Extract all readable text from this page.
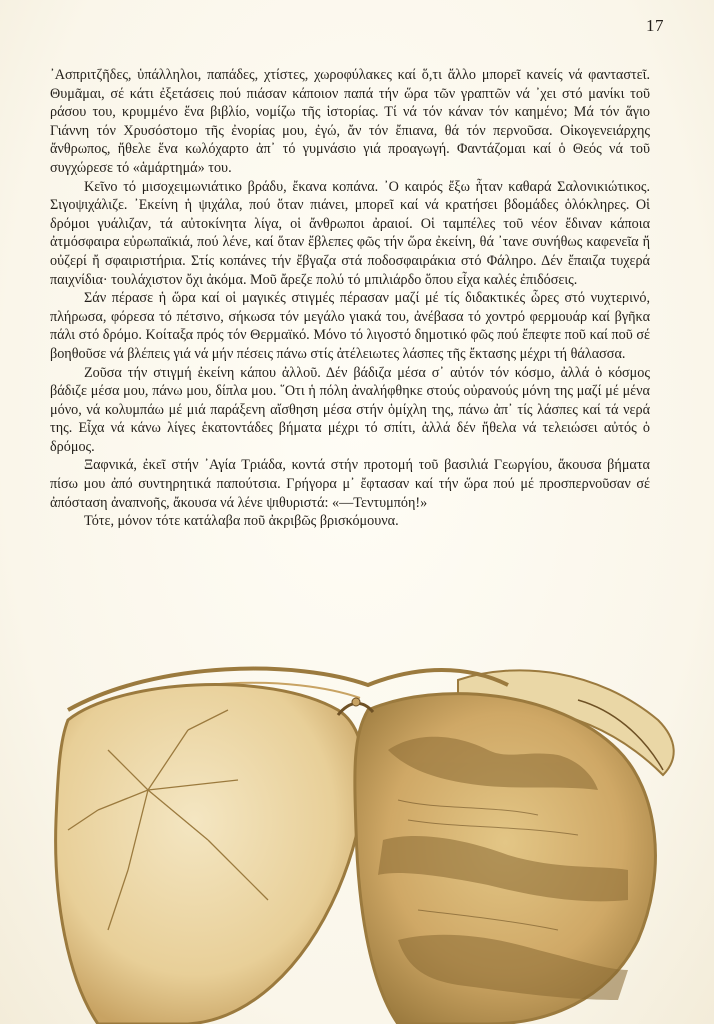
17

᾿Ασπριτζῆδες, ὑπάλληλοι, παπάδες, χτίστες, χωροφύλακες καί ὅ,τι ἄλλο μπορεῖ κανείς νά φανταστεῖ. Θυμᾶμαι, σέ κάτι ἐξετάσεις πού πιάσαν κάποιον παπά τήν ὥρα τῶν γραπτῶν νά ᾿χει στό μανίκι τοῦ ράσου του, κρυμμένο ἕνα βιβλίο, νομίζω τῆς ἱστορίας. Τί νά τόν κάναν τόν καημένο; Μά τόν ἅγιο Γιάννη τόν Χρυσόστομο τῆς ἐνορίας μου, ἐγώ, ἄν τόν ἔπιανα, θά τόν περνοῦσα. Οἰκογενειάρχης ἄνθρωπος, ἤθελε ἕνα κωλόχαρτο ἀπ᾿ τό γυμνάσιο γιά προαγωγή. Φαντάζομαι καί ὁ Θεός νά τοῦ συγχώρεσε τό «ἁμάρτημά» του.

Κεῖνο τό μισοχειμωνιάτικο βράδυ, ἔκανα κοπάνα. ᾿Ο καιρός ἔξω ἦταν καθαρά Σαλονικιώτικος. Σιγοψιχάλιζε. ᾿Εκείνη ἡ ψιχάλα, πού ὅταν πιάνει, μπορεῖ καί νά κρατήσει βδομάδες ὁλόκληρες. Οἱ δρόμοι γυάλιζαν, τά αὐτοκίνητα λίγα, οἱ ἄνθρωποι ἀραιοί. Οἱ ταμπέλες τοῦ νέον ἔδιναν κάποια ἀτμόσφαιρα εὐρωπαϊκιά, πού λένε, καί ὅταν ἔβλεπες φῶς τήν ὥρα ἐκείνη, θά ᾿τανε συνήθως καφενεῖα ἤ οὐζερί ἤ σφαιριστήρια. Στίς κοπάνες τήν ἔβγαζα στά ποδοσφαιράκια στό Φάληρο. Δέν ἔπαιζα τυχερά παιχνίδια· τουλάχιστον ὄχι ἀκόμα. Μοῦ ἄρεζε πολύ τό μπιλιάρδο ὅπου εἶχα καλές ἐπιδόσεις.

Σάν πέρασε ἡ ὥρα καί οἱ μαγικές στιγμές πέρασαν μαζί μέ τίς διδακτικές ὧρες στό νυχτερινό, πλήρωσα, φόρεσα τό πέτσινο, σήκωσα τόν μεγάλο γιακά του, ἀνέβασα τό χοντρό φερμουάρ καί βγῆκα πάλι στό δρόμο. Κοίταξα πρός τόν Θερμαϊκό. Μόνο τό λιγοστό δημοτικό φῶς πού ἔπεφτε ποῦ καί ποῦ σέ βοηθοῦσε νά βλέπεις γιά νά μήν πέσεις πάνω στίς ἀτέλειωτες λάσπες τῆς ἔκτασης μέχρι τή θάλασσα.

Ζοῦσα τήν στιγμή ἐκείνη κάπου ἀλλοῦ. Δέν βάδιζα μέσα σ᾿ αὐτόν τόν κόσμο, ἀλλά ὁ κόσμος βάδιζε μέσα μου, πάνω μου, δίπλα μου. ῞Οτι ἡ πόλη ἀναλήφθηκε στούς οὐρανούς μόνη της μαζί μέ μένα μόνο, νά κολυμπάω μέ μιά παράξενη αἴσθηση μέσα στήν ὁμίχλη της, πάνω ἀπ᾿ τίς λάσπες καί τά νερά της. Εἶχα νά κάνω λίγες ἑκατοντάδες βήματα μέχρι τό σπίτι, ἀλλά δέν ἤθελα νά τελειώσει αὐτός ὁ δρόμος.

Ξαφνικά, ἐκεῖ στήν ᾿Αγία Τριάδα, κοντά στήν προτομή τοῦ βασιλιά Γεωργίου, ἄκουσα βήματα πίσω μου ἀπό συντηρητικά παπούτσια. Γρήγορα μ᾿ ἔφτασαν καί τήν ὥρα πού μέ προσπερνοῦσαν σέ ἀπόσταση ἀναπνοῆς, ἄκουσα νά λένε ψιθυριστά: «—Τεντυμπόη!»

Τότε, μόνον τότε κατάλαβα ποῦ ἀκριβῶς βρισκόμουνα.
